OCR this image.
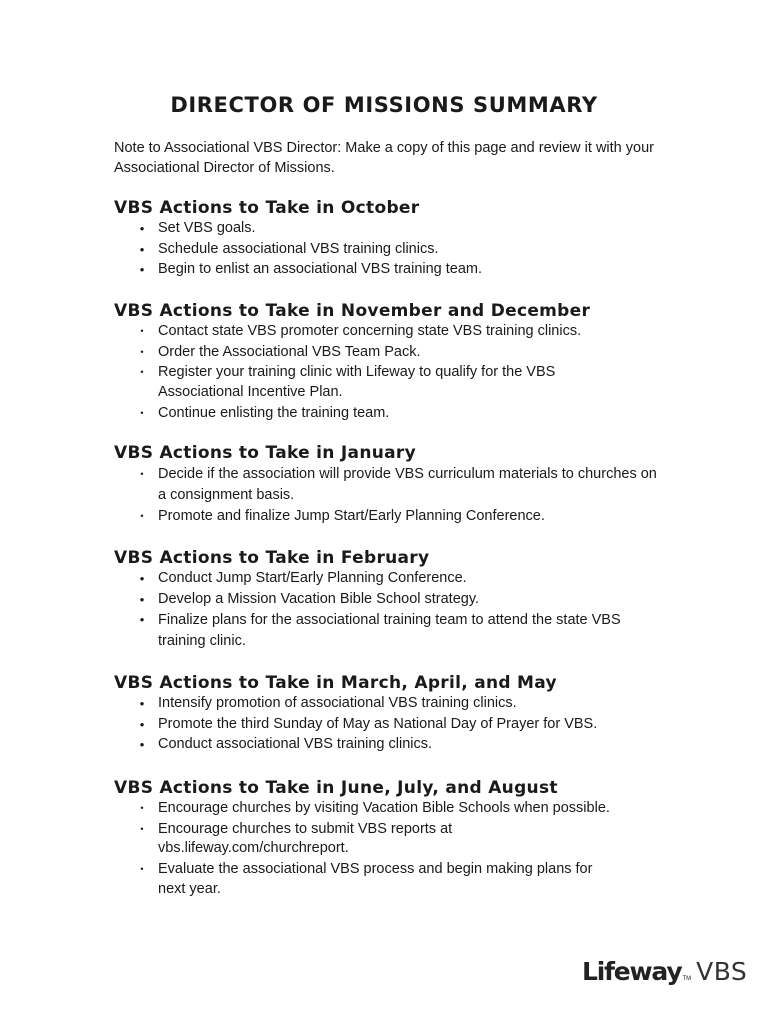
DIRECTOR OF MISSIONS SUMMARY

Note to Associational VBS Director: Make a copy of this page and review it with your Associational Director of Missions.

VBS Actions to Take in October
• Set VBS goals.
• Schedule associational VBS training clinics.
• Begin to enlist an associational VBS training team.
VBS Actions to Take in November and December
• Contact state VBS promoter concerning state VBS training clinics.
• Order the Associational VBS Team Pack.
• Register your training clinic with Lifeway to qualify for the VBS Associational Incentive Plan.
• Continue enlisting the training team.
VBS Actions to Take in January
• Decide if the association will provide VBS curriculum materials to churches on a consignment basis.
• Promote and finalize Jump Start/Early Planning Conference.
VBS Actions to Take in February
• Conduct Jump Start/Early Planning Conference.
• Develop a Mission Vacation Bible School strategy.
• Finalize plans for the associational training team to attend the state VBS training clinic.
VBS Actions to Take in March, April, and May
• Intensify promotion of associational VBS training clinics.
• Promote the third Sunday of May as National Day of Prayer for VBS.
• Conduct associational VBS training clinics.
VBS Actions to Take in June, July, and August
• Encourage churches by visiting Vacation Bible Schools when possible.
• Encourage churches to submit VBS reports at vbs.lifeway.com/churchreport.
• Evaluate the associational VBS process and begin making plans for next year.
Lifeway TM VBS
